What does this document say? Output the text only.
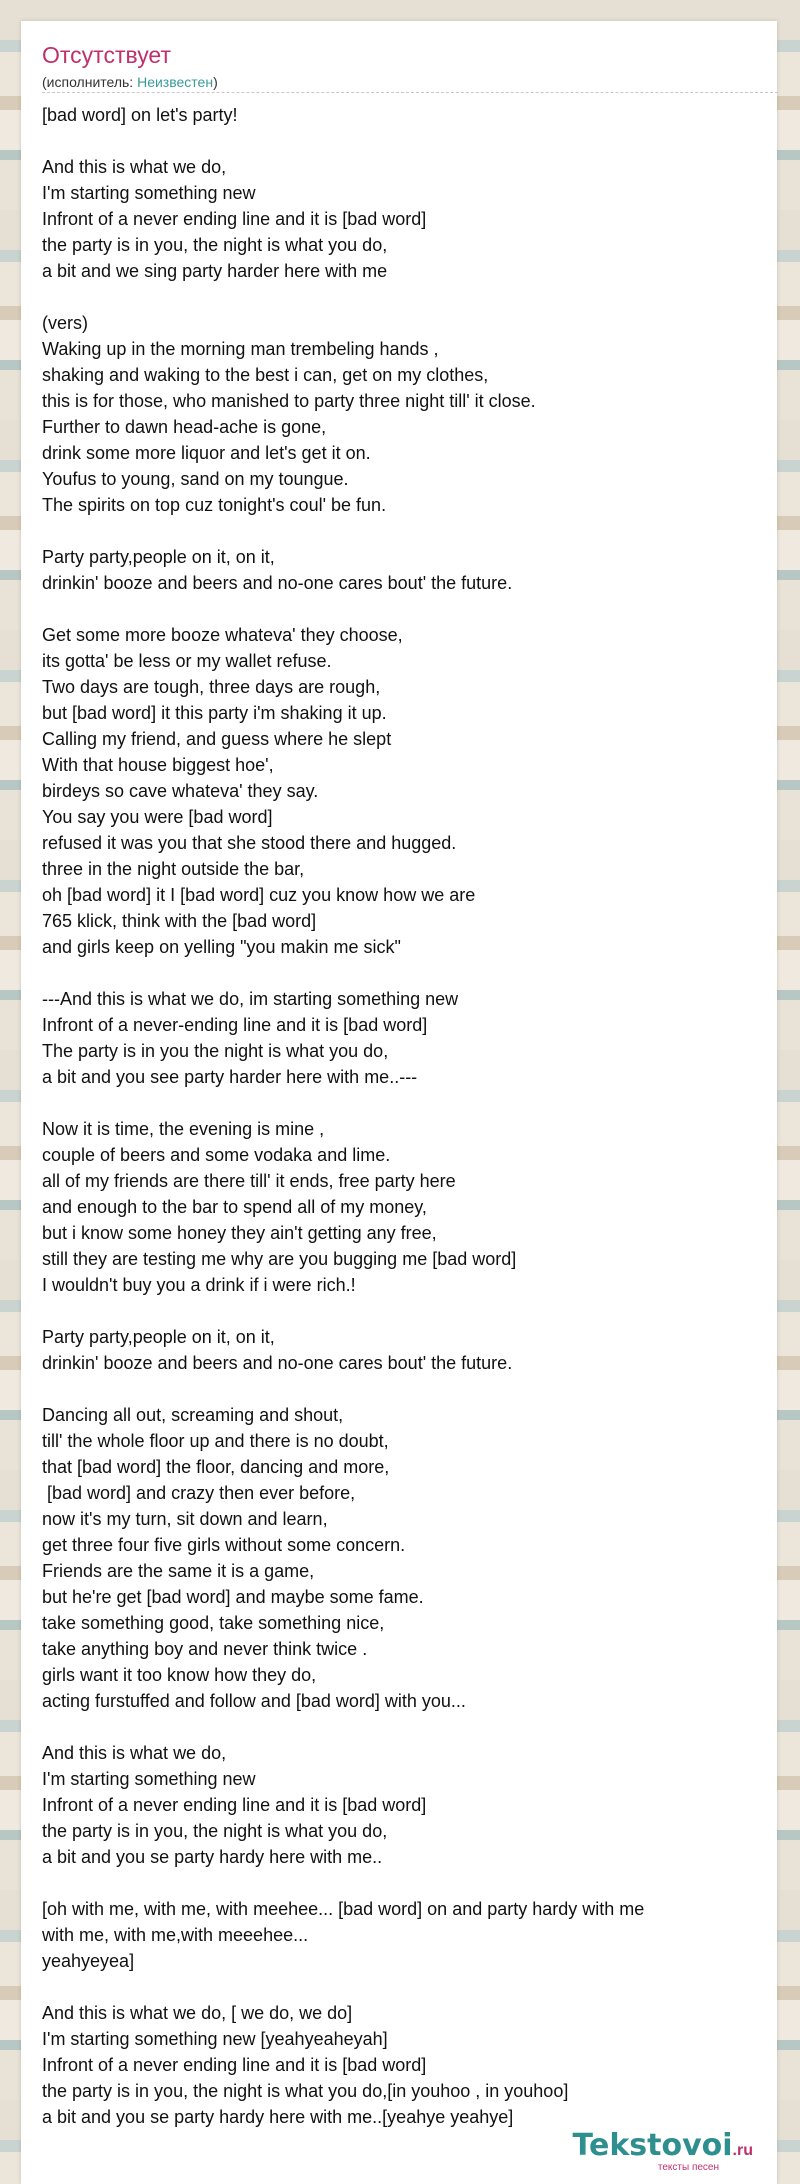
Отсутствует
(исполнитель: Неизвестен)
[bad word] on let's party!
And this is what we do,
I'm starting something new
Infront of a never ending line and it is [bad word]
the party is in you, the night is what you do,
a bit and we sing party harder here with me
(vers)
Waking up in the morning man trembeling hands ,
shaking and waking to the best i can, get on my clothes,
this is for those, who manished to party three night till' it close.
Further to dawn head-ache is gone,
drink some more liquor and let's get it on.
Youfus to young, sand on my toungue.
The spirits on top cuz tonight's coul' be fun.
Party party,people on it, on it,
drinkin' booze and beers and no-one cares bout' the future.
Get some more booze whateva' they choose,
its gotta' be less or my wallet refuse.
Two days are tough, three days are rough,
but [bad word] it this party i'm shaking it up.
Calling my friend, and guess where he slept
With that house biggest hoe',
birdeys so cave whateva' they say.
You say you were [bad word]
refused it was you that she stood there and hugged.
three in the night outside the bar,
oh [bad word] it I [bad word] cuz you know how we are
765 klick, think with the [bad word]
and girls keep on yelling "you makin me sick"
---And this is what we do, im starting something new
Infront of a never-ending line and it is [bad word]
The party is in you the night is what you do,
a bit and you see party harder here with me..---
Now it is time, the evening is mine ,
couple of beers and some vodaka and lime.
all of my friends are there till' it ends, free party here
and enough to the bar to spend all of my money,
but i know some honey they ain't getting any free,
still they are testing me why are you bugging me [bad word]
I wouldn't buy you a drink if i were rich.!
Party party,people on it, on it,
drinkin' booze and beers and no-one cares bout' the future.
Dancing all out, screaming and shout,
till' the whole floor up and there is no doubt,
that [bad word] the floor, dancing and more,
[bad word] and crazy then ever before,
now it's my turn, sit down and learn,
get three four five girls without some concern.
Friends are the same it is a game,
but he're get [bad word] and maybe some fame.
take something good, take something nice,
take anything boy and never think twice .
girls want it too know how they do,
acting furstuffed and follow and [bad word] with you...
And this is what we do,
I'm starting something new
Infront of a never ending line and it is [bad word]
the party is in you, the night is what you do,
a bit and you se party hardy here with me..
[oh with me, with me, with meehee... [bad word] on and party hardy with me
with me, with me,with meeehee...
yeahyeyea]
And this is what we do, [ we do, we do]
I'm starting something new [yeahyeaheyah]
Infront of a never ending line and it is [bad word]
the party is in you, the night is what you do,[in youhoo , in youhoo]
a bit and you se party hardy here with me..[yeahye yeahye]
Tekstovoi.ru
тексты песен
